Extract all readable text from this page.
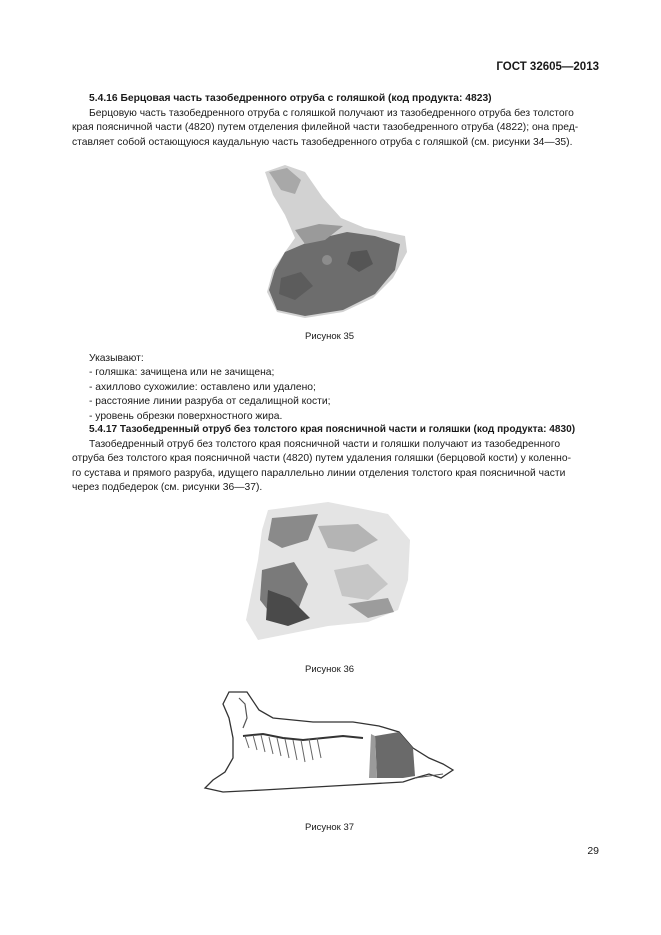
ГОСТ 32605—2013
5.4.16 Берцовая часть тазобедренного отруба с голяшкой (код продукта: 4823)
Берцовую часть тазобедренного отруба с голяшкой получают из тазобедренного отруба без толстого
края поясничной части (4820) путем отделения филейной части тазобедренного отруба (4822); она пред-
ставляет собой остающуюся каудальную часть тазобедренного отруба с голяшкой (см. рисунки 34—35).
Рисунок 35
Указывают:
- голяшка: зачищена или не зачищена;
- ахиллово сухожилие: оставлено или удалено;
- расстояние линии разруба от седалищной кости;
- уровень обрезки поверхностного жира.
5.4.17 Тазобедренный отруб без толстого края поясничной части и голяшки (код продукта: 4830)
Тазобедренный отруб без толстого края поясничной части и голяшки получают из тазобедренного
отруба без толстого края поясничной части (4820) путем удаления голяшки (берцовой кости) у коленно-
го сустава и прямого разруба, идущего параллельно линии отделения толстого края поясничной части
через подбедерок (см. рисунки 36—37).
Рисунок 36
Рисунок 37
29
